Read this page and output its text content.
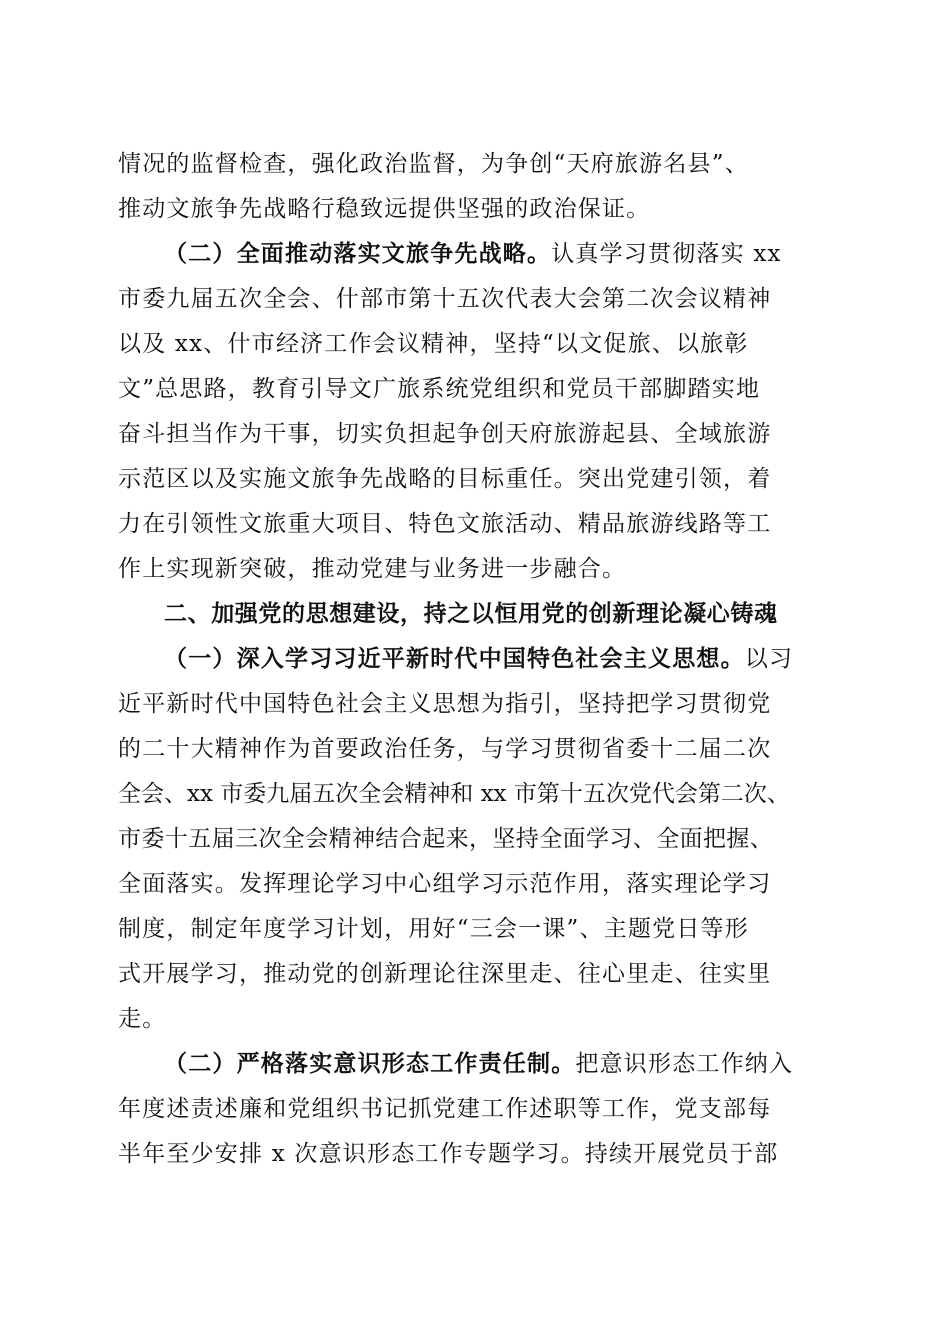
情况的监督检查，强化政治监督，为争创“天府旅游名县”、
推动文旅争先战略行稳致远提供坚强的政治保证。
（二）全面推动落实文旅争先战略。认真学习贯彻落实 xx
市委九届五次全会、什部市第十五次代表大会第二次会议精神
以及 xx、什市经济工作会议精神，坚持“以文促旅、以旅彰
文”总思路，教育引导文广旅系统党组织和党员干部脚踏实地
奋斗担当作为干事，切实负担起争创天府旅游起县、全域旅游
示范区以及实施文旅争先战略的目标重任。突出党建引领，着
力在引领性文旅重大项目、特色文旅活动、精品旅游线路等工
作上实现新突破，推动党建与业务进一步融合。
二、加强党的思想建设，持之以恒用党的创新理论凝心铸魂
（一）深入学习习近平新时代中国特色社会主义思想。以习
近平新时代中国特色社会主义思想为指引，坚持把学习贯彻党
的二十大精神作为首要政治任务，与学习贯彻省委十二届二次
全会、xx 市委九届五次全会精神和 xx 市第十五次党代会第二次、
市委十五届三次全会精神结合起来，坚持全面学习、全面把握、
全面落实。发挥理论学习中心组学习示范作用，落实理论学习
制度，制定年度学习计划，用好“三会一课”、主题党日等形
式开展学习，推动党的创新理论往深里走、往心里走、往实里
走。
（二）严格落实意识形态工作责任制。把意识形态工作纳入
年度述责述廉和党组织书记抓党建工作述职等工作，党支部每
半年至少安排 x 次意识形态工作专题学习。持续开展党员于部
